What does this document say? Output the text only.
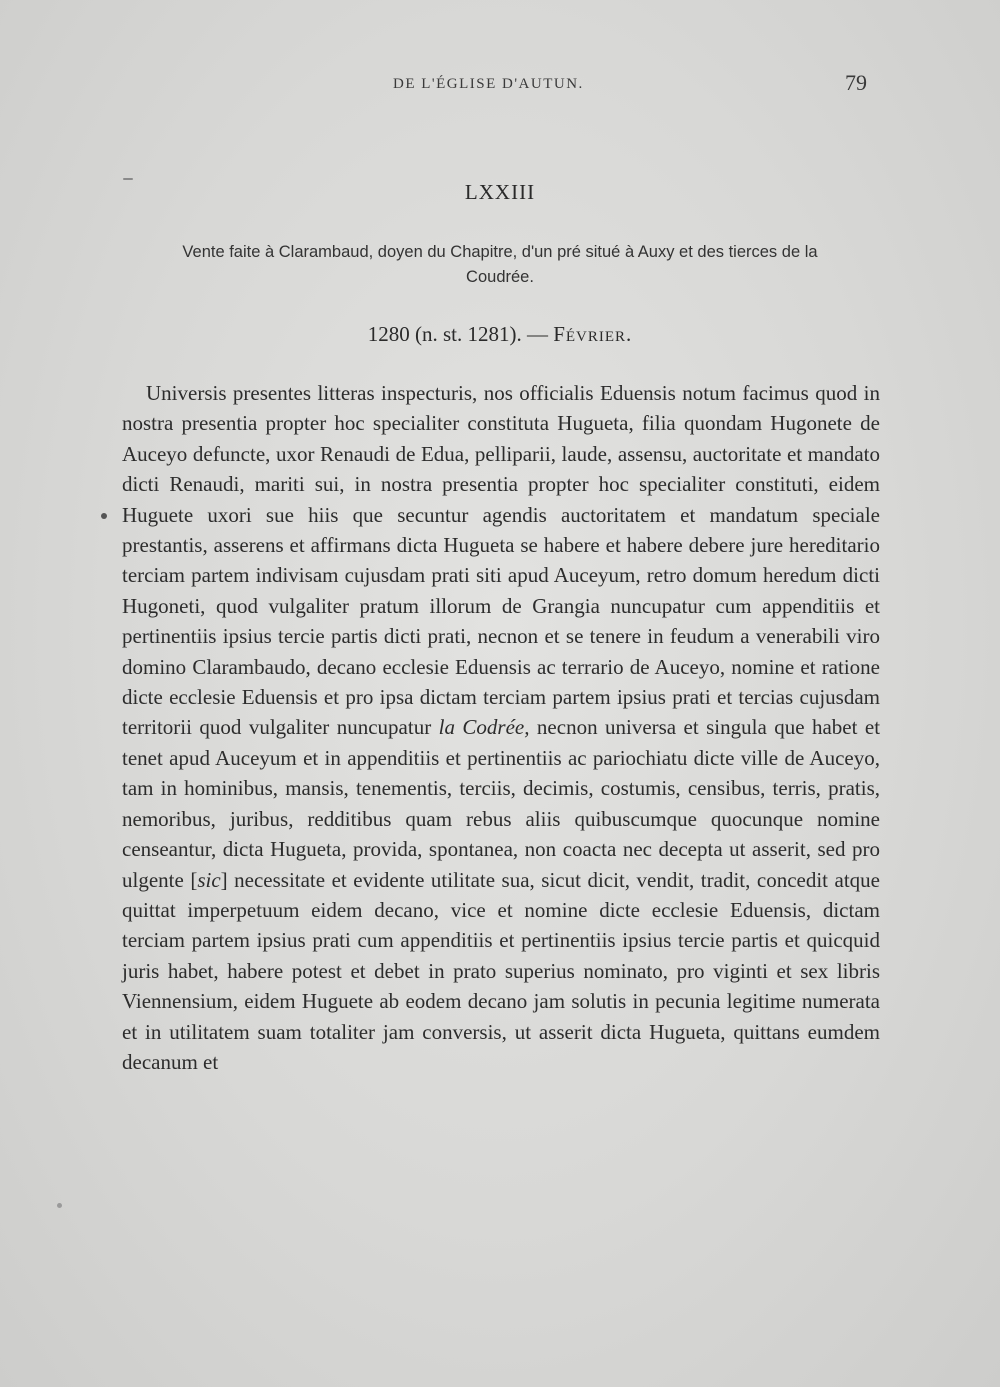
DE L'ÉGLISE D'AUTUN.	79
LXXIII
Vente faite à Clarambaud, doyen du Chapitre, d'un pré situé à Auxy et des tierces de la Coudrée.
1280 (n. st. 1281). — Février.

Universis presentes litteras inspecturis, nos officialis Eduensis notum facimus quod in nostra presentia propter hoc specialiter constituta Hugueta, filia quondam Hugonete de Auceyo defuncte, uxor Renaudi de Edua, pelliparii, laude, assensu, auctoritate et mandato dicti Renaudi, mariti sui, in nostra presentia propter hoc specialiter constituti, eidem Huguete uxori sue hiis que secuntur agendis auctoritatem et mandatum speciale prestantis, asserens et affirmans dicta Hugueta se habere et habere debere jure hereditario terciam partem indivisam cujusdam prati siti apud Auceyum, retro domum heredum dicti Hugoneti, quod vulgaliter pratum illorum de Grangia nuncupatur cum appenditiis et pertinentiis ipsius tercie partis dicti prati, necnon et se tenere in feudum a venerabili viro domino Clarambaudo, decano ecclesie Eduensis ac terrario de Auceyo, nomine et ratione dicte ecclesie Eduensis et pro ipsa dictam terciam partem ipsius prati et tercias cujusdam territorii quod vulgaliter nuncupatur la Codrée, necnon universa et singula que habet et tenet apud Auceyum et in appenditiis et pertinentiis ac pariochiatu dicte ville de Auceyo, tam in hominibus, mansis, tenementis, terciis, decimis, costumis, censibus, terris, pratis, nemoribus, juribus, redditibus quam rebus aliis quibuscumque quocunque nomine censeantur, dicta Hugueta, provida, spontanea, non coacta nec decepta ut asserit, sed pro ulgente [sic] necessitate et evidente utilitate sua, sicut dicit, vendit, tradit, concedit atque quittat imperpetuum eidem decano, vice et nomine dicte ecclesie Eduensis, dictam terciam partem ipsius prati cum appenditiis et pertinentiis ipsius tercie partis et quicquid juris habet, habere potest et debet in prato superius nominato, pro viginti et sex libris Viennensium, eidem Huguete ab eodem decano jam solutis in pecunia legitime numerata et in utilitatem suam totaliter jam conversis, ut asserit dicta Hugueta, quittans eumdem decanum et
